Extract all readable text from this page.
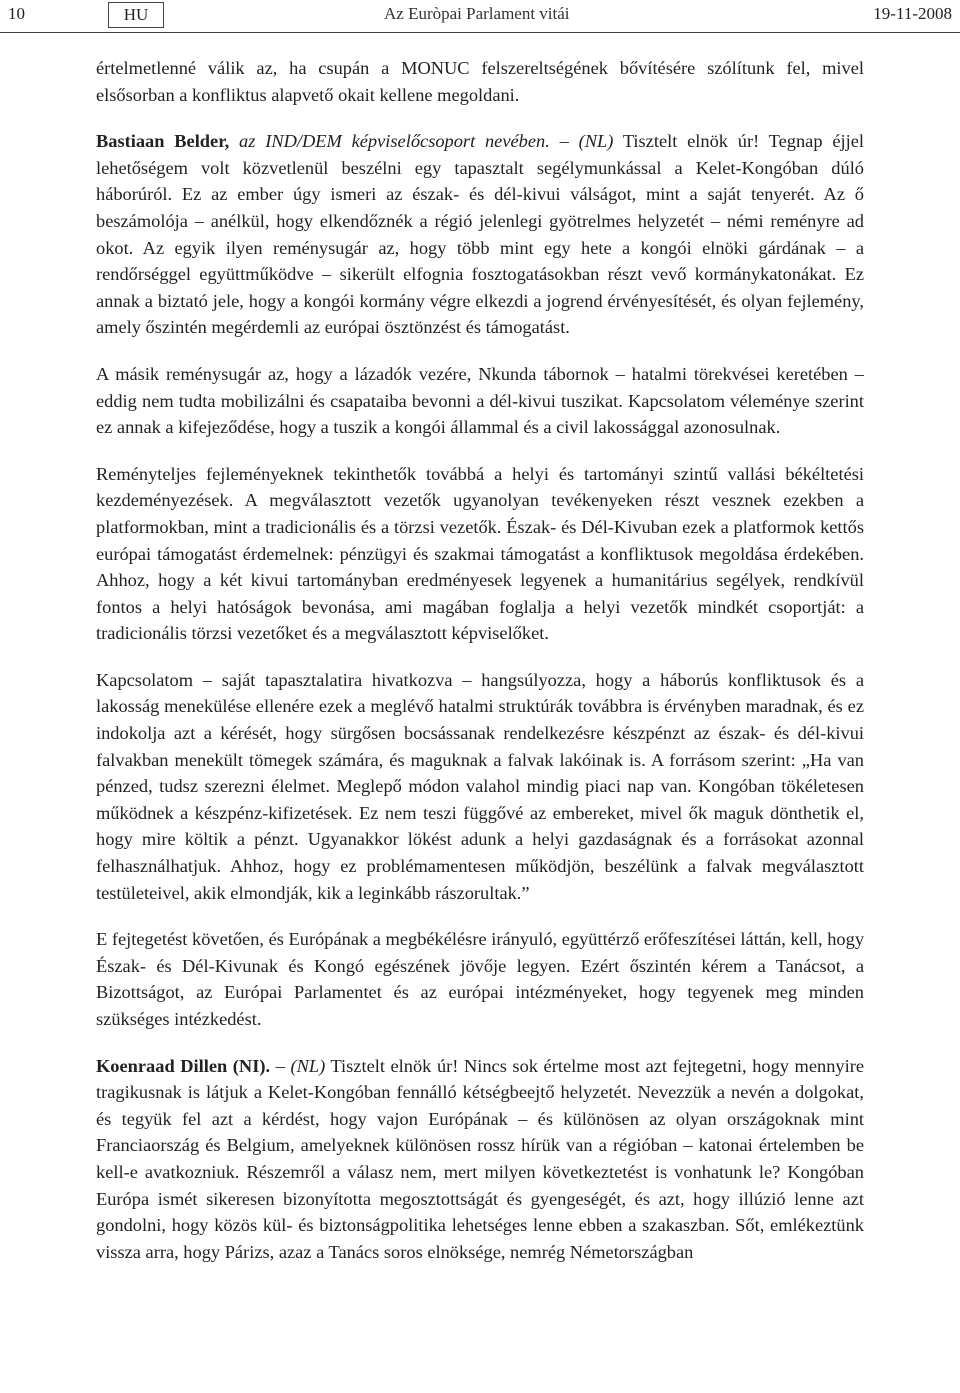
10	HU	Az Euròpai Parlament vitái	19-11-2008

értelmetlenné válik az, ha csupán a MONUC felszereltségének bővítésére szólítunk fel, mivel elsősorban a konfliktus alapvető okait kellene megoldani.

Bastiaan Belder, az IND/DEM képviselőcsoport nevében. – (NL) Tisztelt elnök úr! Tegnap éjjel lehetőségem volt közvetlenül beszélni egy tapasztalt segélymunkással a Kelet-Kongóban dúló háborúról. Ez az ember úgy ismeri az észak- és dél-kivui válságot, mint a saját tenyerét. Az ő beszámolója – anélkül, hogy elkendőznék a régió jelenlegi gyötrelmes helyzetét – némi reményre ad okot. Az egyik ilyen reménysugár az, hogy több mint egy hete a kongói elnöki gárdának – a rendőrséggel együttműködve – sikerült elfognia fosztogatásokban részt vevő kormánykatonákat. Ez annak a biztató jele, hogy a kongói kormány végre elkezdi a jogrend érvényesítését, és olyan fejlemény, amely őszintén megérdemli az európai ösztönzést és támogatást.

A másik reménysugár az, hogy a lázadók vezére, Nkunda tábornok – hatalmi törekvései keretében – eddig nem tudta mobilizálni és csapataiba bevonni a dél-kivui tuszikat. Kapcsolatom véleménye szerint ez annak a kifejeződése, hogy a tuszik a kongói állammal és a civil lakossággal azonosulnak.

Reményteljes fejleményeknek tekinthetők továbbá a helyi és tartományi szintű vallási békéltetési kezdeményezések. A megválasztott vezetők ugyanolyan tevékenyeken részt vesznek ezekben a platformokban, mint a tradicionális és a törzsi vezetők. Észak- és Dél-Kivuban ezek a platformok kettős európai támogatást érdemelnek: pénzügyi és szakmai támogatást a konfliktusok megoldása érdekében. Ahhoz, hogy a két kivui tartományban eredményesek legyenek a humanitárius segélyek, rendkívül fontos a helyi hatóságok bevonása, ami magában foglalja a helyi vezetők mindkét csoportját: a tradicionális törzsi vezetőket és a megválasztott képviselőket.

Kapcsolatom – saját tapasztalatira hivatkozva – hangsúlyozza, hogy a háborús konfliktusok és a lakosság menekülése ellenére ezek a meglévő hatalmi struktúrák továbbra is érvényben maradnak, és ez indokolja azt a kérését, hogy sürgősen bocsássanak rendelkezésre készpénzt az észak- és dél-kivui falvakban menekült tömegek számára, és maguknak a falvak lakóinak is. A forrásom szerint: „Ha van pénzed, tudsz szerezni élelmet. Meglepő módon valahol mindig piaci nap van. Kongóban tökéletesen működnek a készpénz-kifizetések. Ez nem teszi függővé az embereket, mivel ők maguk dönthetik el, hogy mire költik a pénzt. Ugyanakkor lökést adunk a helyi gazdaságnak és a forrásokat azonnal felhasználhatjuk. Ahhoz, hogy ez problémamentesen működjön, beszélünk a falvak megválasztott testületeivel, akik elmondják, kik a leginkább rászorultak.”

E fejtegetést követően, és Európának a megbékélésre irányuló, együttérző erőfeszítései láttán, kell, hogy Észak- és Dél-Kivunak és Kongó egészének jövője legyen. Ezért őszintén kérem a Tanácsot, a Bizottságot, az Európai Parlamentet és az európai intézményeket, hogy tegyenek meg minden szükséges intézkedést.

Koenraad Dillen (NI). – (NL) Tisztelt elnök úr! Nincs sok értelme most azt fejtegetni, hogy mennyire tragikusnak is látjuk a Kelet-Kongóban fennálló kétségbeejtő helyzetét. Nevezzük a nevén a dolgokat, és tegyük fel azt a kérdést, hogy vajon Európának – és különösen az olyan országoknak mint Franciaország és Belgium, amelyeknek különösen rossz hírük van a régióban – katonai értelemben be kell-e avatkozniuk. Részemről a válasz nem, mert milyen következtetést is vonhatunk le? Kongóban Európa ismét sikeresen bizonyította megosztottságát és gyengeségét, és azt, hogy illúzió lenne azt gondolni, hogy közös kül- és biztonságpolitika lehetséges lenne ebben a szakaszban. Sőt, emlékeztünk vissza arra, hogy Párizs, azaz a Tanács soros elnöksége, nemrég Németországban
